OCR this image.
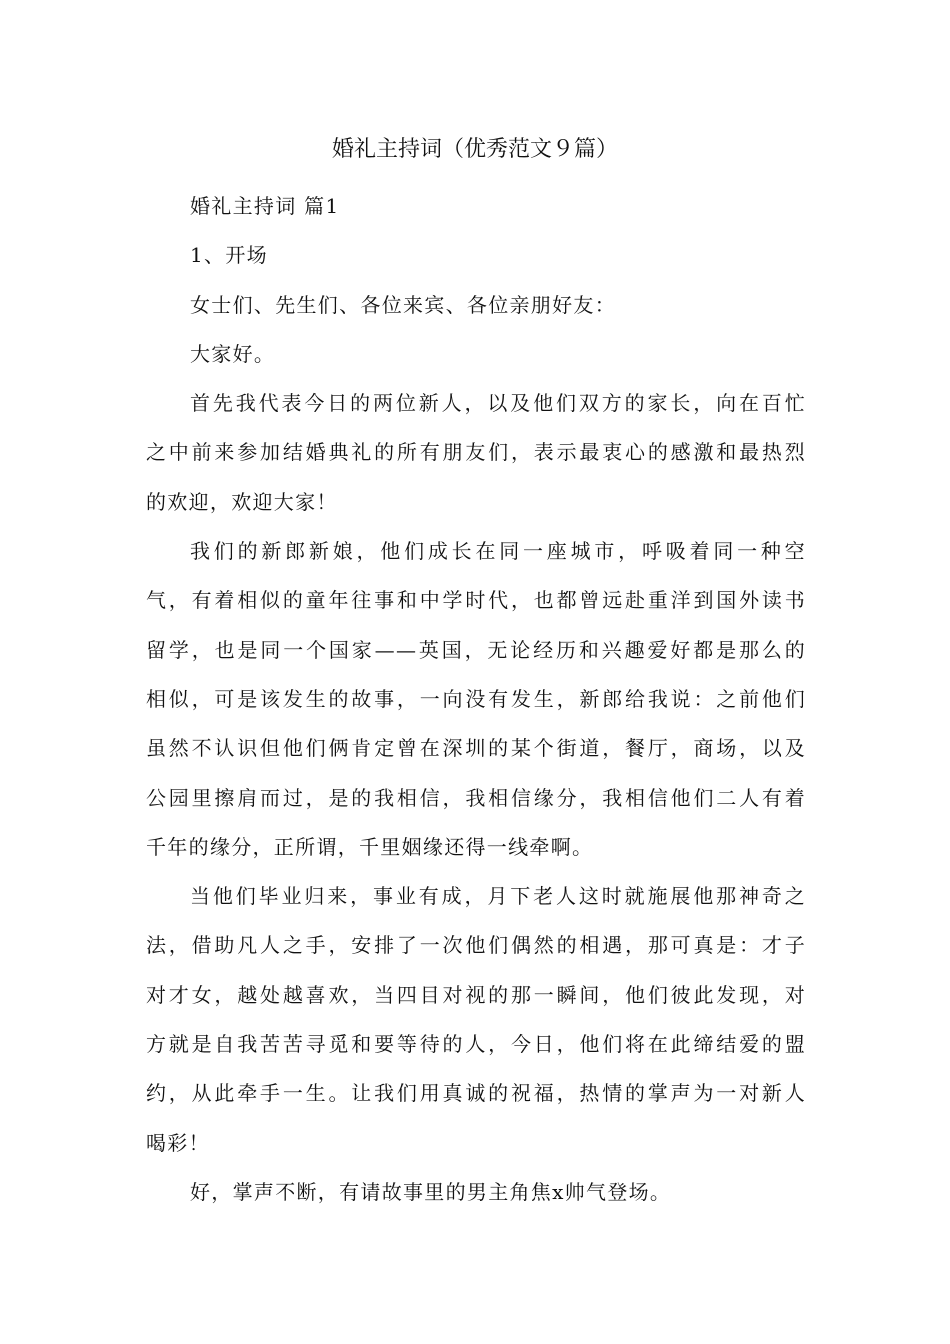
婚礼主持词（优秀范文９篇）
婚礼主持词 篇1
1、开场
女士们、先生们、各位来宾、各位亲朋好友：
大家好。
首先我代表今日的两位新人，以及他们双方的家长，向在百忙
之中前来参加结婚典礼的所有朋友们，表示最衷心的感激和最热烈
的欢迎，欢迎大家！
我们的新郎新娘，他们成长在同一座城市，呼吸着同一种空
气，有着相似的童年往事和中学时代，也都曾远赴重洋到国外读书
留学，也是同一个国家——英国，无论经历和兴趣爱好都是那么的
相似，可是该发生的故事，一向没有发生，新郎给我说：之前他们
虽然不认识但他们俩肯定曾在深圳的某个街道，餐厅，商场，以及
公园里擦肩而过，是的我相信，我相信缘分，我相信他们二人有着
千年的缘分，正所谓，千里姻缘还得一线牵啊。
当他们毕业归来，事业有成，月下老人这时就施展他那神奇之
法，借助凡人之手，安排了一次他们偶然的相遇，那可真是：才子
对才女，越处越喜欢，当四目对视的那一瞬间，他们彼此发现，对
方就是自我苦苦寻觅和要等待的人，今日，他们将在此缔结爱的盟
约，从此牵手一生。让我们用真诚的祝福，热情的掌声为一对新人
喝彩！
好，掌声不断，有请故事里的男主角焦x帅气登场。
